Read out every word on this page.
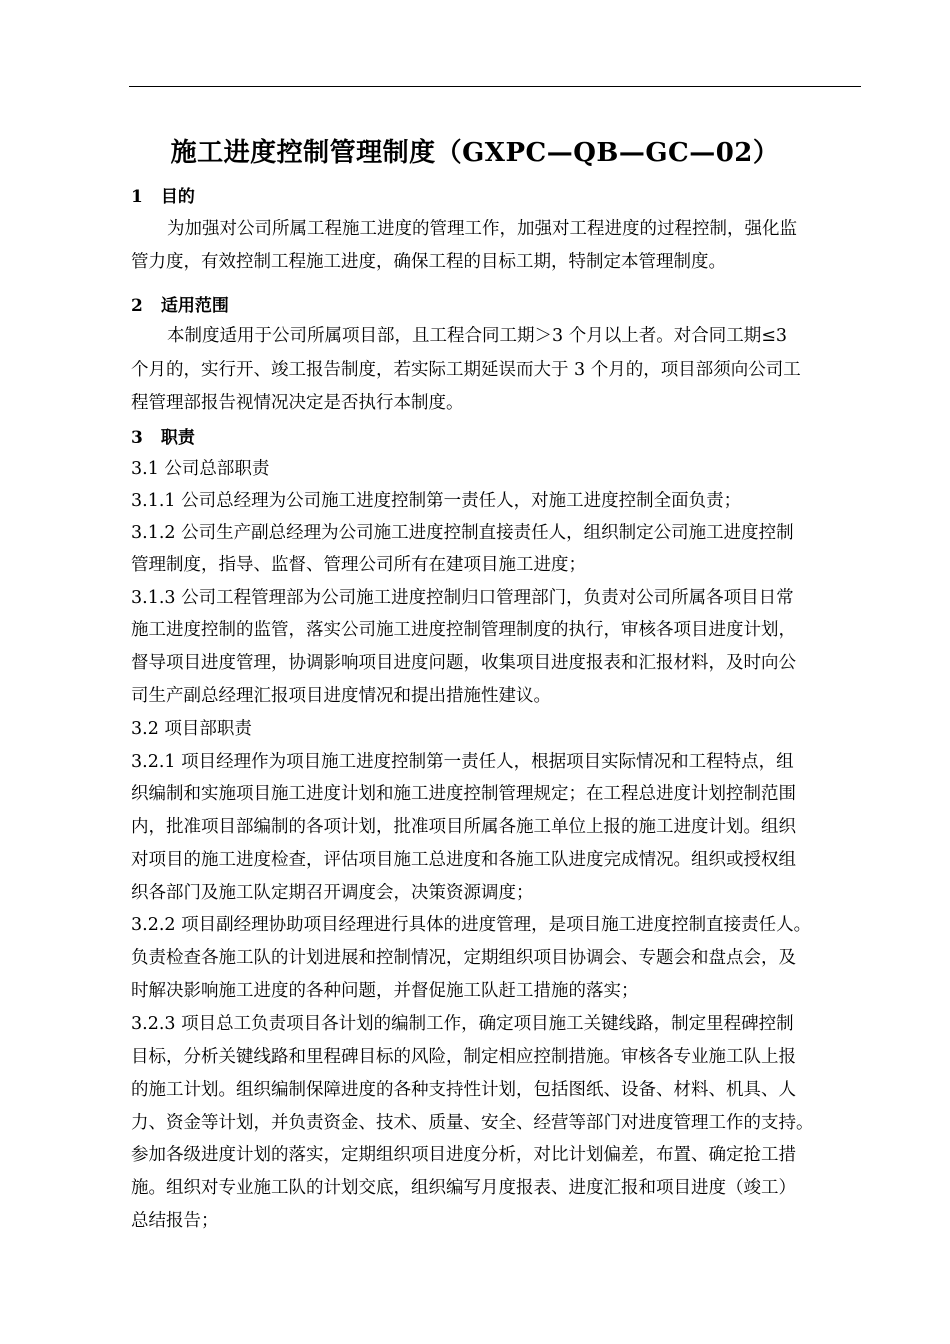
施工进度控制管理制度（GXPC—QB—GC—02）
1 目的
为加强对公司所属工程施工进度的管理工作，加强对工程进度的过程控制，强化监
管力度，有效控制工程施工进度，确保工程的目标工期，特制定本管理制度。
2 适用范围
本制度适用于公司所属项目部，且工程合同工期＞3 个月以上者。对合同工期≤3
个月的，实行开、竣工报告制度，若实际工期延误而大于 3 个月的，项目部须向公司工
程管理部报告视情况决定是否执行本制度。
3 职责
3.1 公司总部职责
3.1.1 公司总经理为公司施工进度控制第一责任人，对施工进度控制全面负责；
3.1.2 公司生产副总经理为公司施工进度控制直接责任人，组织制定公司施工进度控制
管理制度，指导、监督、管理公司所有在建项目施工进度；
3.1.3 公司工程管理部为公司施工进度控制归口管理部门，负责对公司所属各项目日常
施工进度控制的监管，落实公司施工进度控制管理制度的执行，审核各项目进度计划，
督导项目进度管理，协调影响项目进度问题，收集项目进度报表和汇报材料，及时向公
司生产副总经理汇报项目进度情况和提出措施性建议。
3.2 项目部职责
3.2.1 项目经理作为项目施工进度控制第一责任人，根据项目实际情况和工程特点，组
织编制和实施项目施工进度计划和施工进度控制管理规定；在工程总进度计划控制范围
内，批准项目部编制的各项计划，批准项目所属各施工单位上报的施工进度计划。组织
对项目的施工进度检查，评估项目施工总进度和各施工队进度完成情况。组织或授权组
织各部门及施工队定期召开调度会，决策资源调度；
3.2.2 项目副经理协助项目经理进行具体的进度管理，是项目施工进度控制直接责任人。
负责检查各施工队的计划进展和控制情况，定期组织项目协调会、专题会和盘点会，及
时解决影响施工进度的各种问题，并督促施工队赶工措施的落实；
3.2.3 项目总工负责项目各计划的编制工作，确定项目施工关键线路，制定里程碑控制
目标，分析关键线路和里程碑目标的风险，制定相应控制措施。审核各专业施工队上报
的施工计划。组织编制保障进度的各种支持性计划，包括图纸、设备、材料、机具、人
力、资金等计划，并负责资金、技术、质量、安全、经营等部门对进度管理工作的支持。
参加各级进度计划的落实，定期组织项目进度分析，对比计划偏差，布置、确定抢工措
施。组织对专业施工队的计划交底，组织编写月度报表、进度汇报和项目进度（竣工）
总结报告；
